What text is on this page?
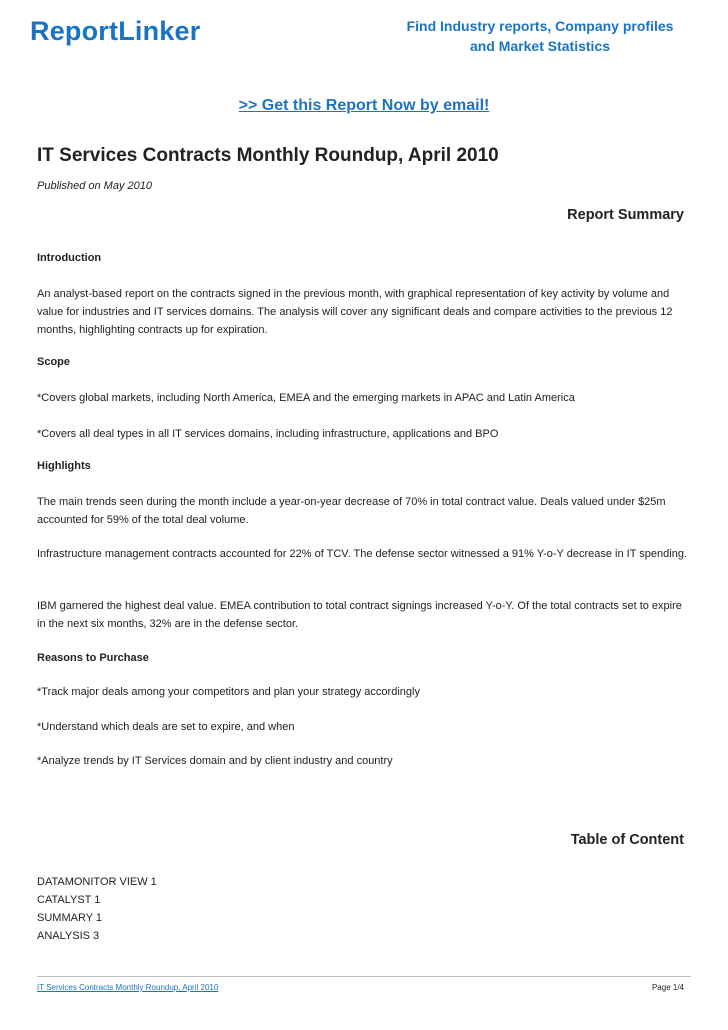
ReportLinker	Find Industry reports, Company profiles
and Market Statistics
>> Get this Report Now by email!
IT Services Contracts Monthly Roundup, April 2010
Published on May 2010
Report Summary
Introduction

An analyst-based report on the contracts signed in the previous month, with graphical representation of key activity by volume and value for industries and IT services domains. The analysis will cover any significant deals and compare activities to the previous 12 months, highlighting contracts up for expiration.

Scope

*Covers global markets, including North America, EMEA and the emerging markets in APAC and Latin America

*Covers all deal types in all IT services domains, including infrastructure, applications and BPO

Highlights

The main trends seen during the month include a year-on-year decrease of 70% in total contract value. Deals valued under $25m accounted for 59% of the total deal volume.

Infrastructure management contracts accounted for 22% of TCV. The defense sector witnessed a 91% Y-o-Y decrease in IT spending.

IBM garnered the highest deal value. EMEA contribution to total contract signings increased Y-o-Y. Of the total contracts set to expire in the next six months, 32% are in the defense sector.

Reasons to Purchase

*Track major deals among your competitors and plan your strategy accordingly

*Understand which deals are set to expire, and when

*Analyze trends by IT Services domain and by client industry and country

Table of Content
DATAMONITOR VIEW 1
CATALYST 1
SUMMARY 1
ANALYSIS 3
IT Services Contracts Monthly Roundup, April 2010	Page 1/4
